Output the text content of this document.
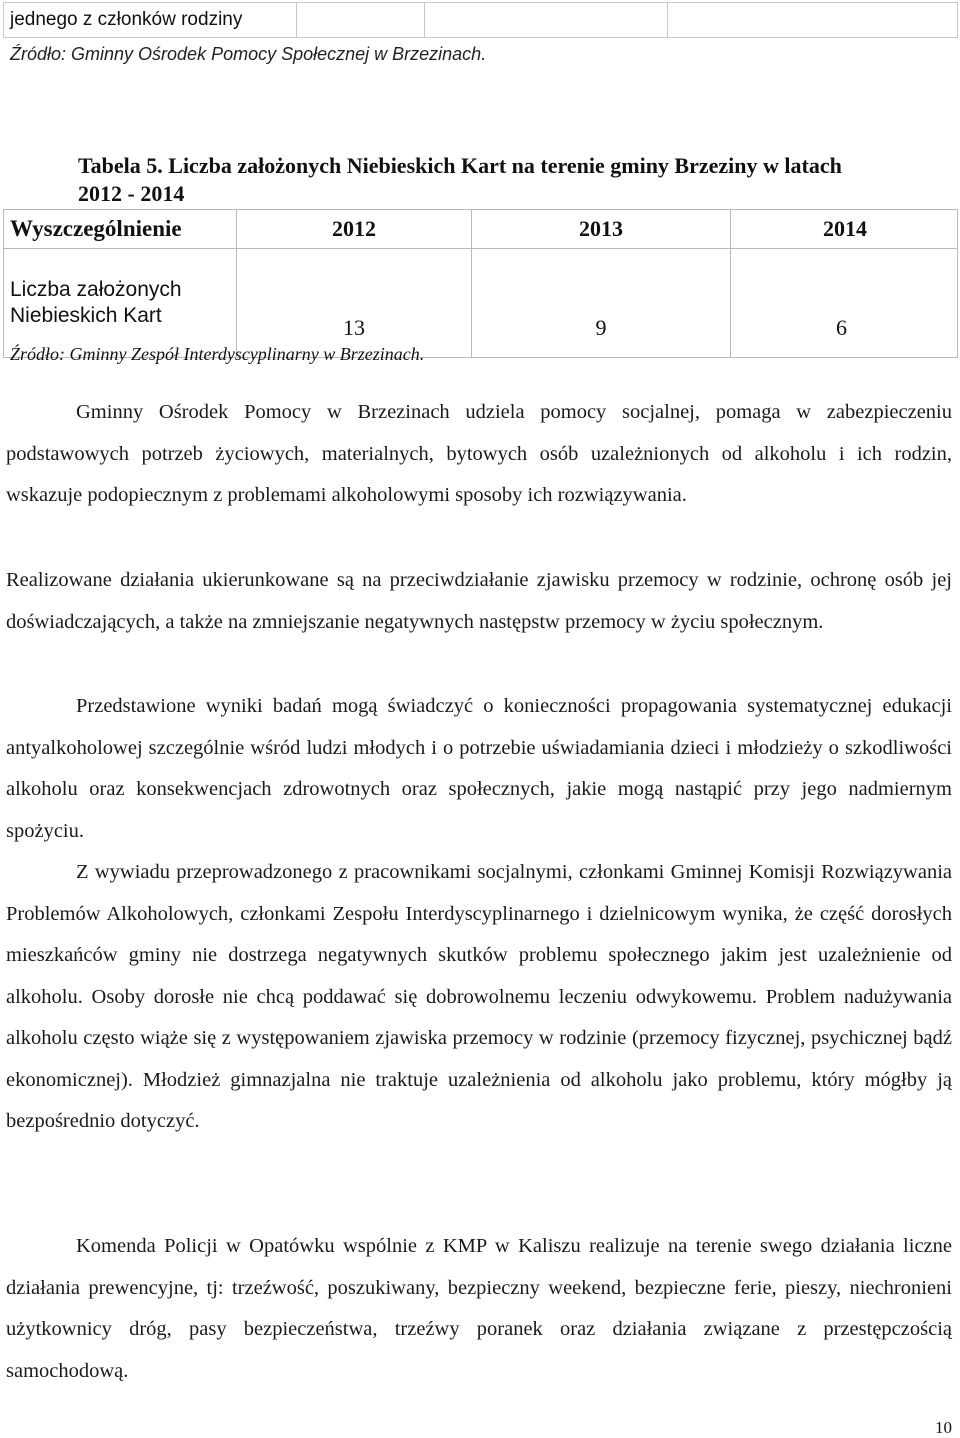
jednego z członków rodziny			
Źródło: Gminny Ośrodek Pomocy Społecznej w Brzezinach.
Tabela 5. Liczba założonych Niebieskich Kart na terenie gminy Brzeziny w latach
2012 - 2014
Wyszczególnienie	2012	2013	2014

Liczba założonych
Niebieskich Kart	13	9	6
Źródło: Gminny Zespół Interdyscyplinarny w Brzezinach.

Gminny Ośrodek Pomocy w Brzezinach udziela pomocy socjalnej, pomaga w zabezpieczeniu podstawowych potrzeb życiowych, materialnych, bytowych osób uzależnionych od alkoholu i ich rodzin, wskazuje podopiecznym z problemami alkoholowymi sposoby ich rozwiązywania.

Realizowane działania ukierunkowane są na przeciwdziałanie zjawisku przemocy w rodzinie, ochronę osób jej doświadczających, a także na zmniejszanie negatywnych następstw przemocy w życiu społecznym.

Przedstawione wyniki badań mogą świadczyć o konieczności propagowania systematycznej edukacji antyalkoholowej szczególnie wśród ludzi młodych i o potrzebie uświadamiania dzieci i młodzieży o szkodliwości alkoholu oraz konsekwencjach zdrowotnych oraz społecznych, jakie mogą nastąpić przy jego nadmiernym spożyciu.

Z wywiadu przeprowadzonego z pracownikami socjalnymi, członkami Gminnej Komisji Rozwiązywania Problemów Alkoholowych, członkami Zespołu Interdyscyplinarnego i dzielnicowym wynika, że część dorosłych mieszkańców gminy nie dostrzega negatywnych skutków problemu społecznego jakim jest uzależnienie od alkoholu. Osoby dorosłe nie chcą poddawać się dobrowolnemu leczeniu odwykowemu. Problem nadużywania alkoholu często wiąże się z występowaniem zjawiska przemocy w rodzinie (przemocy fizycznej, psychicznej bądź ekonomicznej). Młodzież gimnazjalna nie traktuje uzależnienia od alkoholu jako problemu, który mógłby ją bezpośrednio dotyczyć.

Komenda Policji w Opatówku wspólnie z KMP w Kaliszu realizuje na terenie swego działania liczne działania prewencyjne, tj: trzeźwość, poszukiwany, bezpieczny weekend, bezpieczne ferie, pieszy, niechronieni użytkownicy dróg, pasy bezpieczeństwa, trzeźwy poranek oraz działania związane z przestępczością samochodową.

10
